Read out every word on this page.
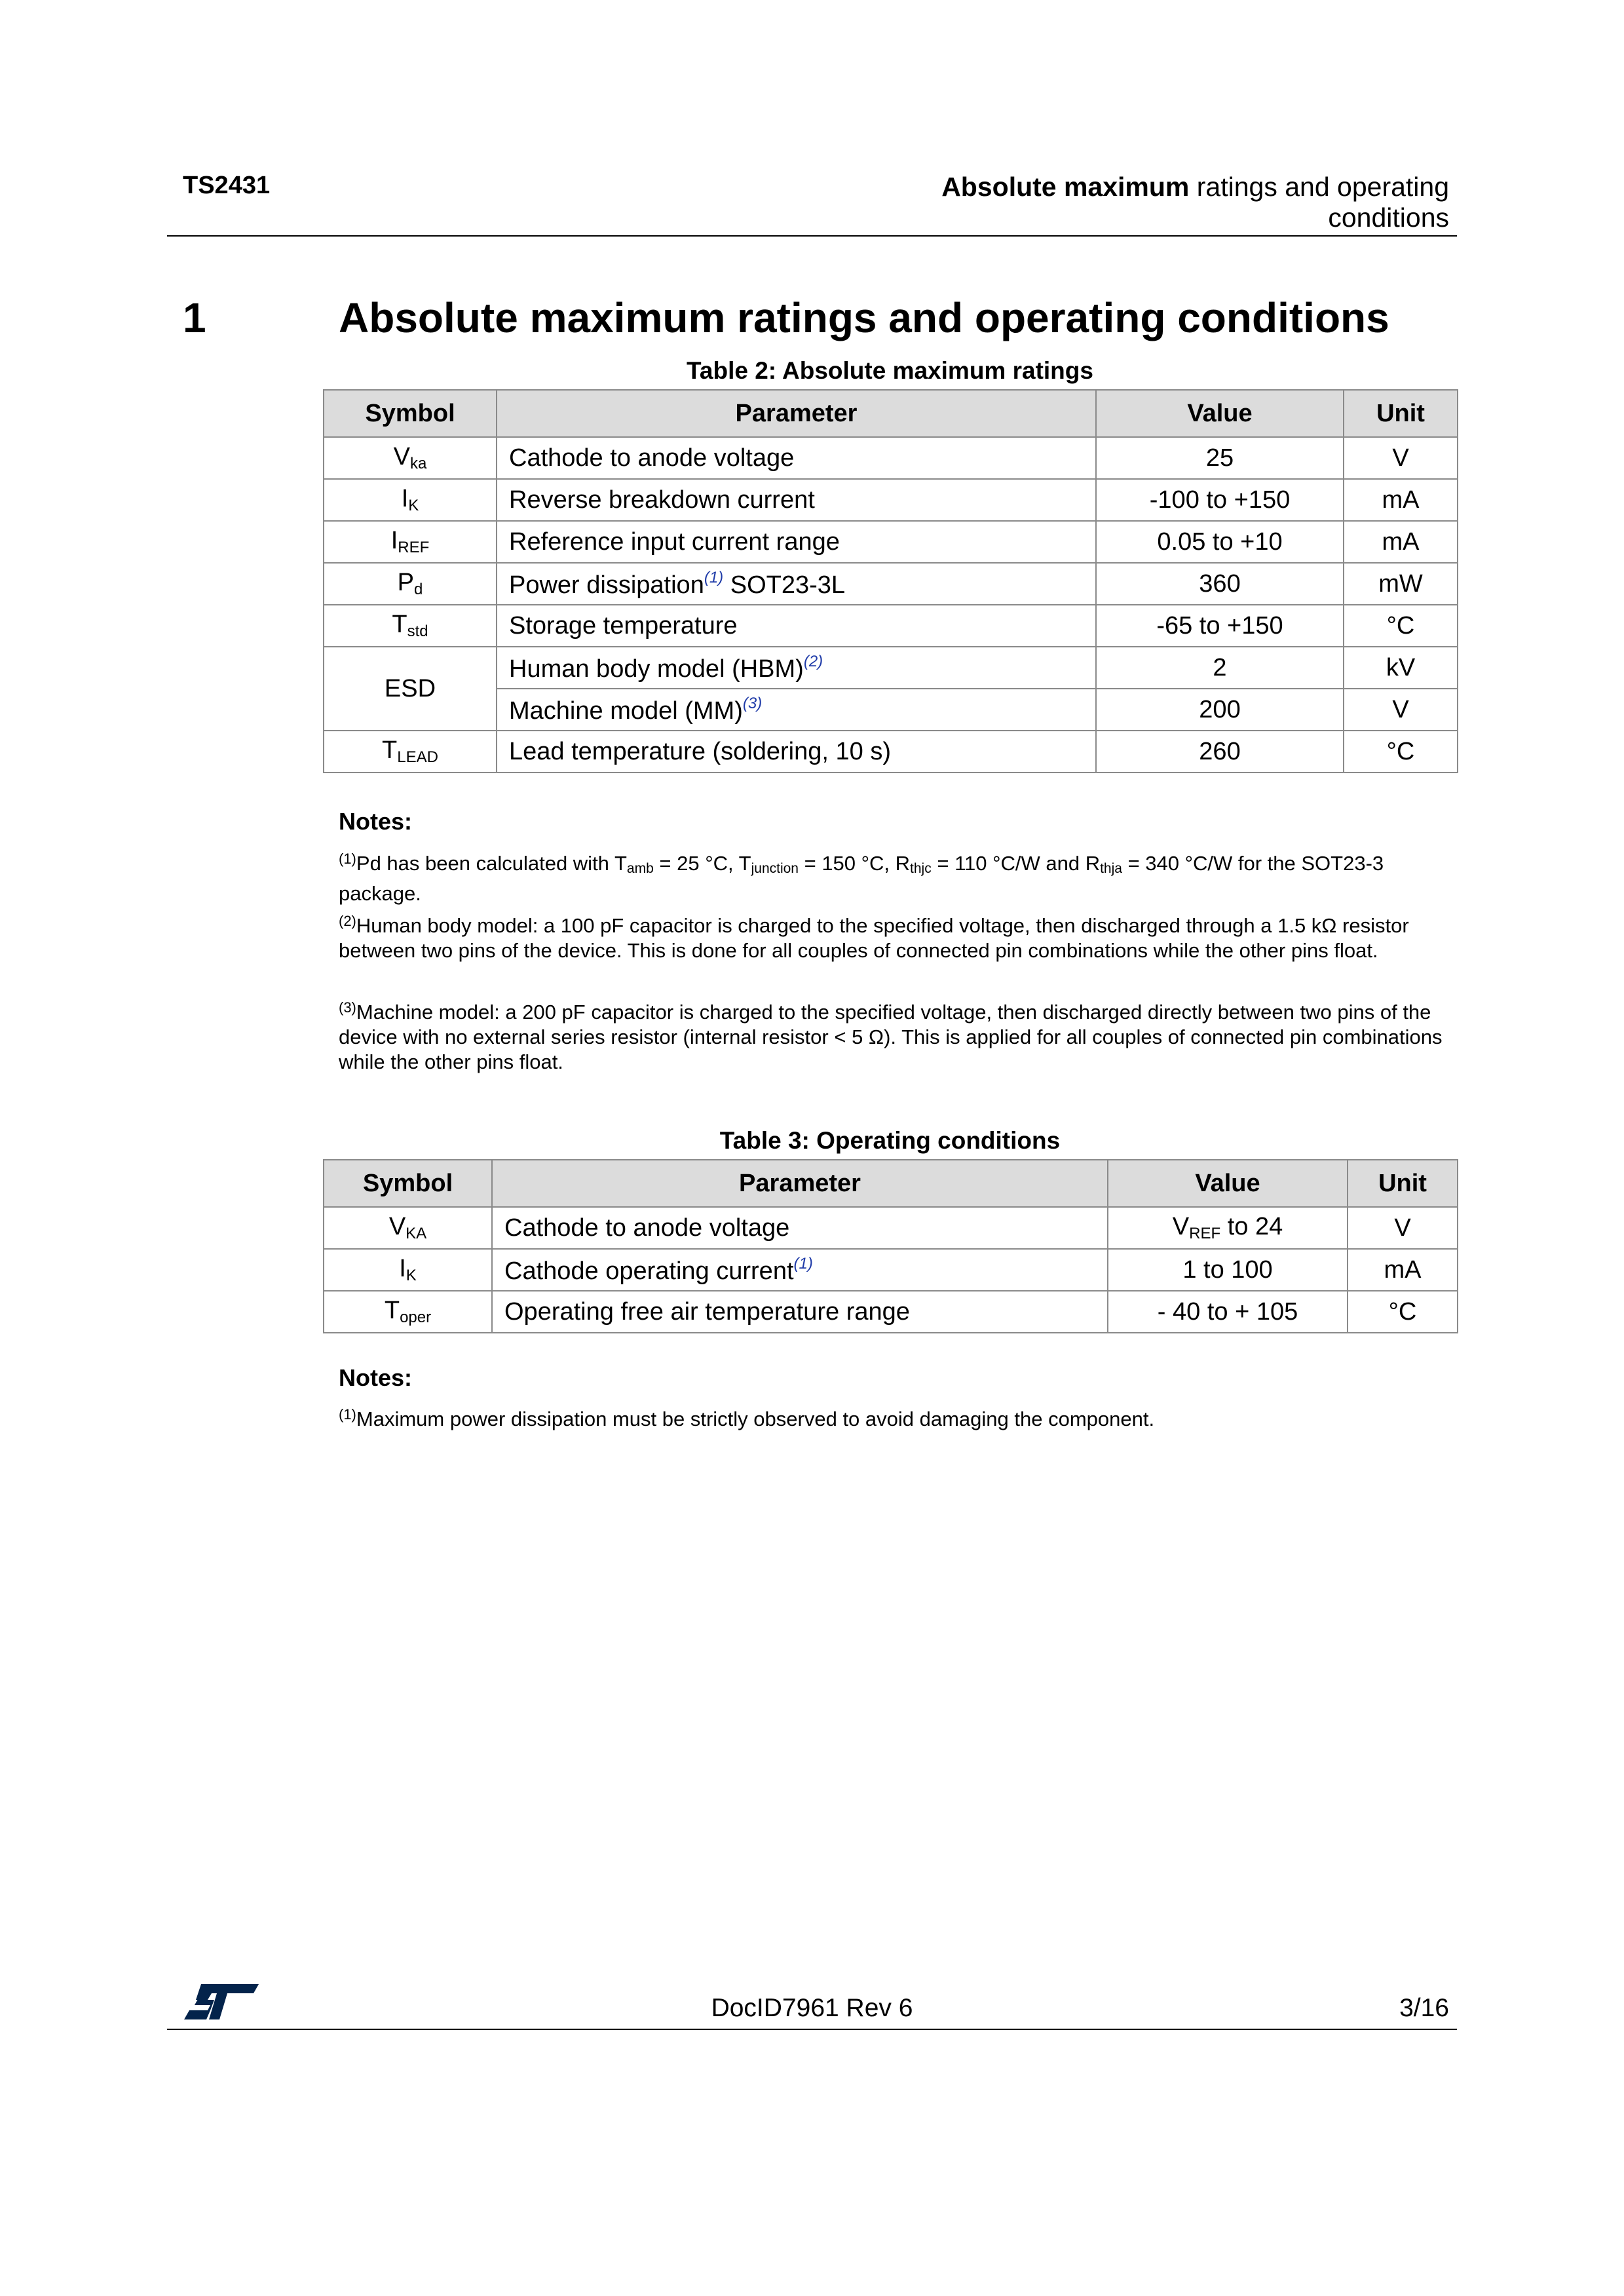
TS2431	Absolute maximum ratings and operating
conditions
1	Absolute maximum ratings and operating conditions
Table 2: Absolute maximum ratings
Symbol	Parameter	Value	Unit
$V_{ka}$	Cathode to anode voltage	25	V
$I_K$	Reverse breakdown current	-100 to +150	mA
$I_{REF}$	Reference input current range	0.05 to +10	mA
$P_d$	Power dissipation$^{(1)}$ SOT23-3L	360	mW
$T_{std}$	Storage temperature	-65 to +150	°C
ESD	Human body model (HBM)$^{(2)}$	2	kV
	Machine model (MM)$^{(3)}$	200	V
$T_{LEAD}$	Lead temperature (soldering, 10 s)	260	°C
Notes:
$^{(1)}$Pd has been calculated with $T_{amb} = 25$ °C, $T_{junction} = 150$ °C, $R_{thjc} = 110$ °C/W and $R_{thja} = 340$ °C/W for the SOT23-3 package.
$^{(2)}$Human body model: a 100 pF capacitor is charged to the specified voltage, then discharged through a 1.5 kΩ resistor between two pins of the device. This is done for all couples of connected pin combinations while the other pins float.
$^{(3)}$Machine model: a 200 pF capacitor is charged to the specified voltage, then discharged directly between two pins of the device with no external series resistor (internal resistor < 5 Ω). This is applied for all couples of connected pin combinations while the other pins float.
Table 3: Operating conditions
Symbol	Parameter	Value	Unit
$V_{KA}$	Cathode to anode voltage	$V_{REF}$ to 24	V
$I_K$	Cathode operating current$^{(1)}$	1 to 100	mA
$T_{oper}$	Operating free air temperature range	- 40 to + 105	°C
Notes:
$^{(1)}$Maximum power dissipation must be strictly observed to avoid damaging the component.
DocID7961 Rev 6	3/16
